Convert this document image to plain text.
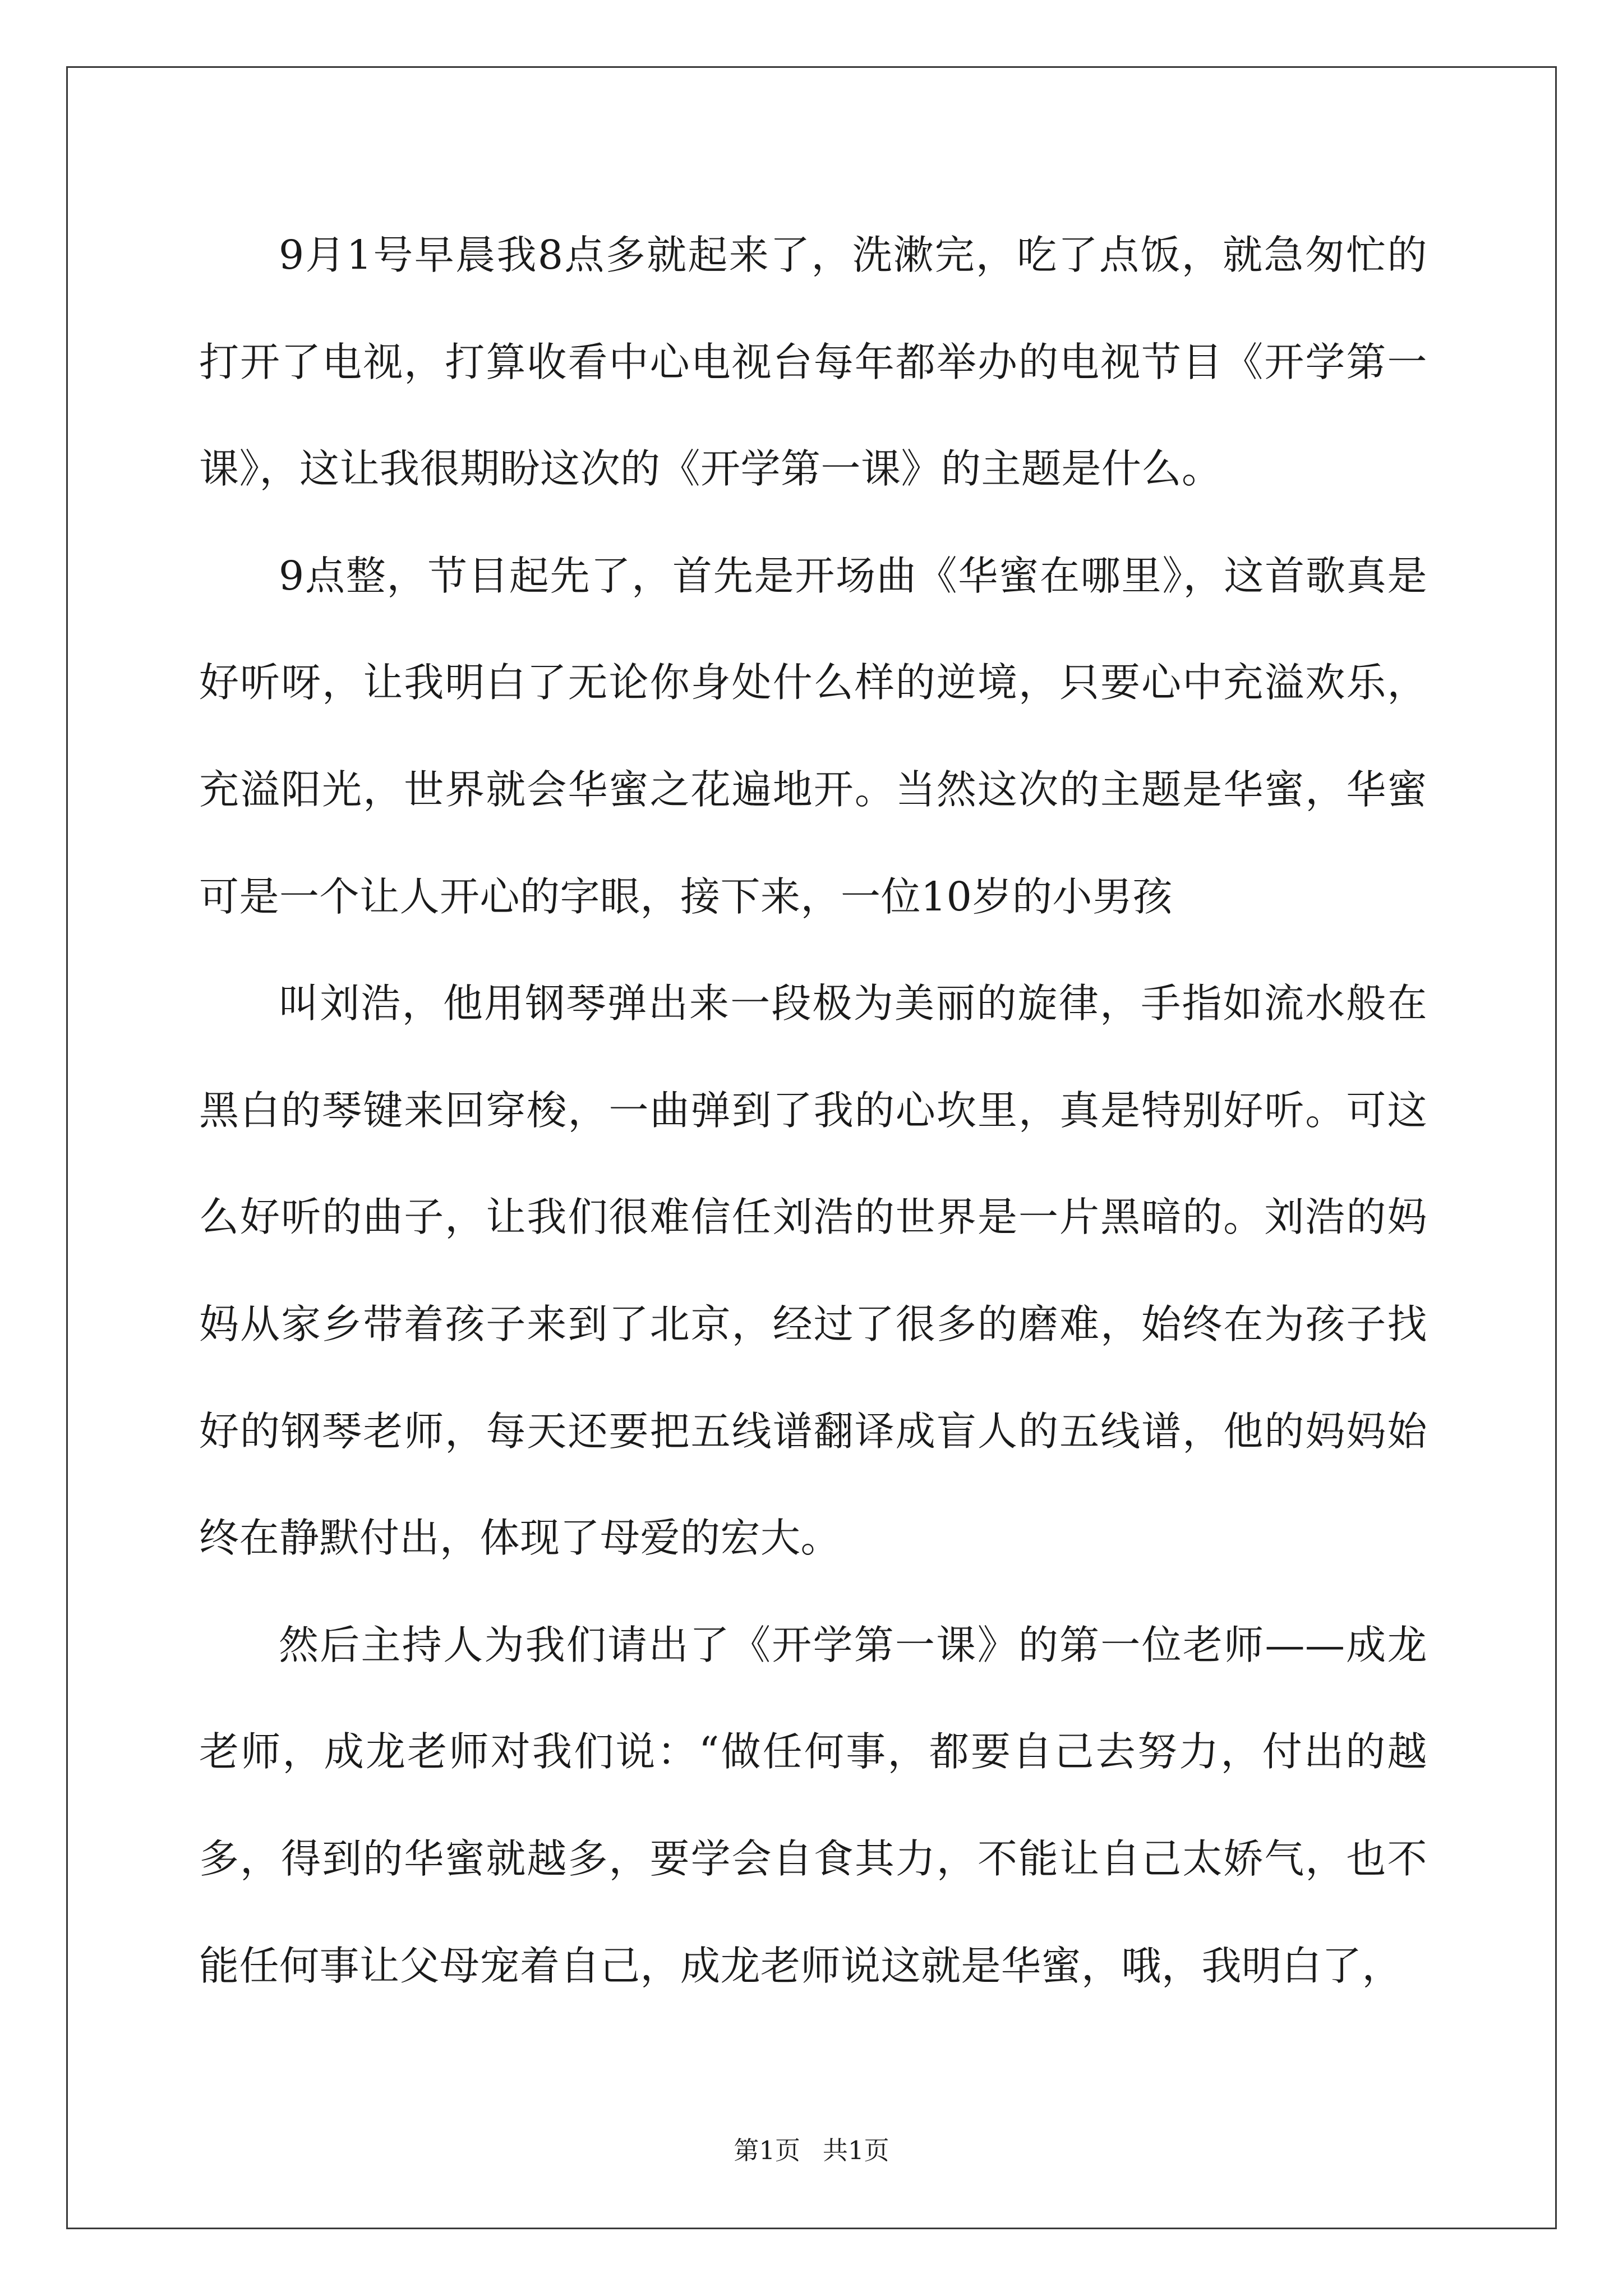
9月1号早晨我8点多就起来了，洗漱完，吃了点饭，就急匆忙的打开了电视，打算收看中心电视台每年都举办的电视节目《开学第一课》，这让我很期盼这次的《开学第一课》的主题是什么。

9点整，节目起先了，首先是开场曲《华蜜在哪里》，这首歌真是好听呀，让我明白了无论你身处什么样的逆境，只要心中充溢欢乐，充溢阳光，世界就会华蜜之花遍地开。当然这次的主题是华蜜，华蜜可是一个让人开心的字眼，接下来，一位10岁的小男孩

叫刘浩，他用钢琴弹出来一段极为美丽的旋律，手指如流水般在黑白的琴键来回穿梭，一曲弹到了我的心坎里，真是特别好听。可这么好听的曲子，让我们很难信任刘浩的世界是一片黑暗的。刘浩的妈妈从家乡带着孩子来到了北京，经过了很多的磨难，始终在为孩子找好的钢琴老师，每天还要把五线谱翻译成盲人的五线谱，他的妈妈始终在静默付出，体现了母爱的宏大。

然后主持人为我们请出了《开学第一课》的第一位老师——成龙老师，成龙老师对我们说：“做任何事，都要自己去努力，付出的越多，得到的华蜜就越多，要学会自食其力，不能让自己太娇气，也不能任何事让父母宠着自己，成龙老师说这就是华蜜，哦，我明白了，

第1页 共1页
